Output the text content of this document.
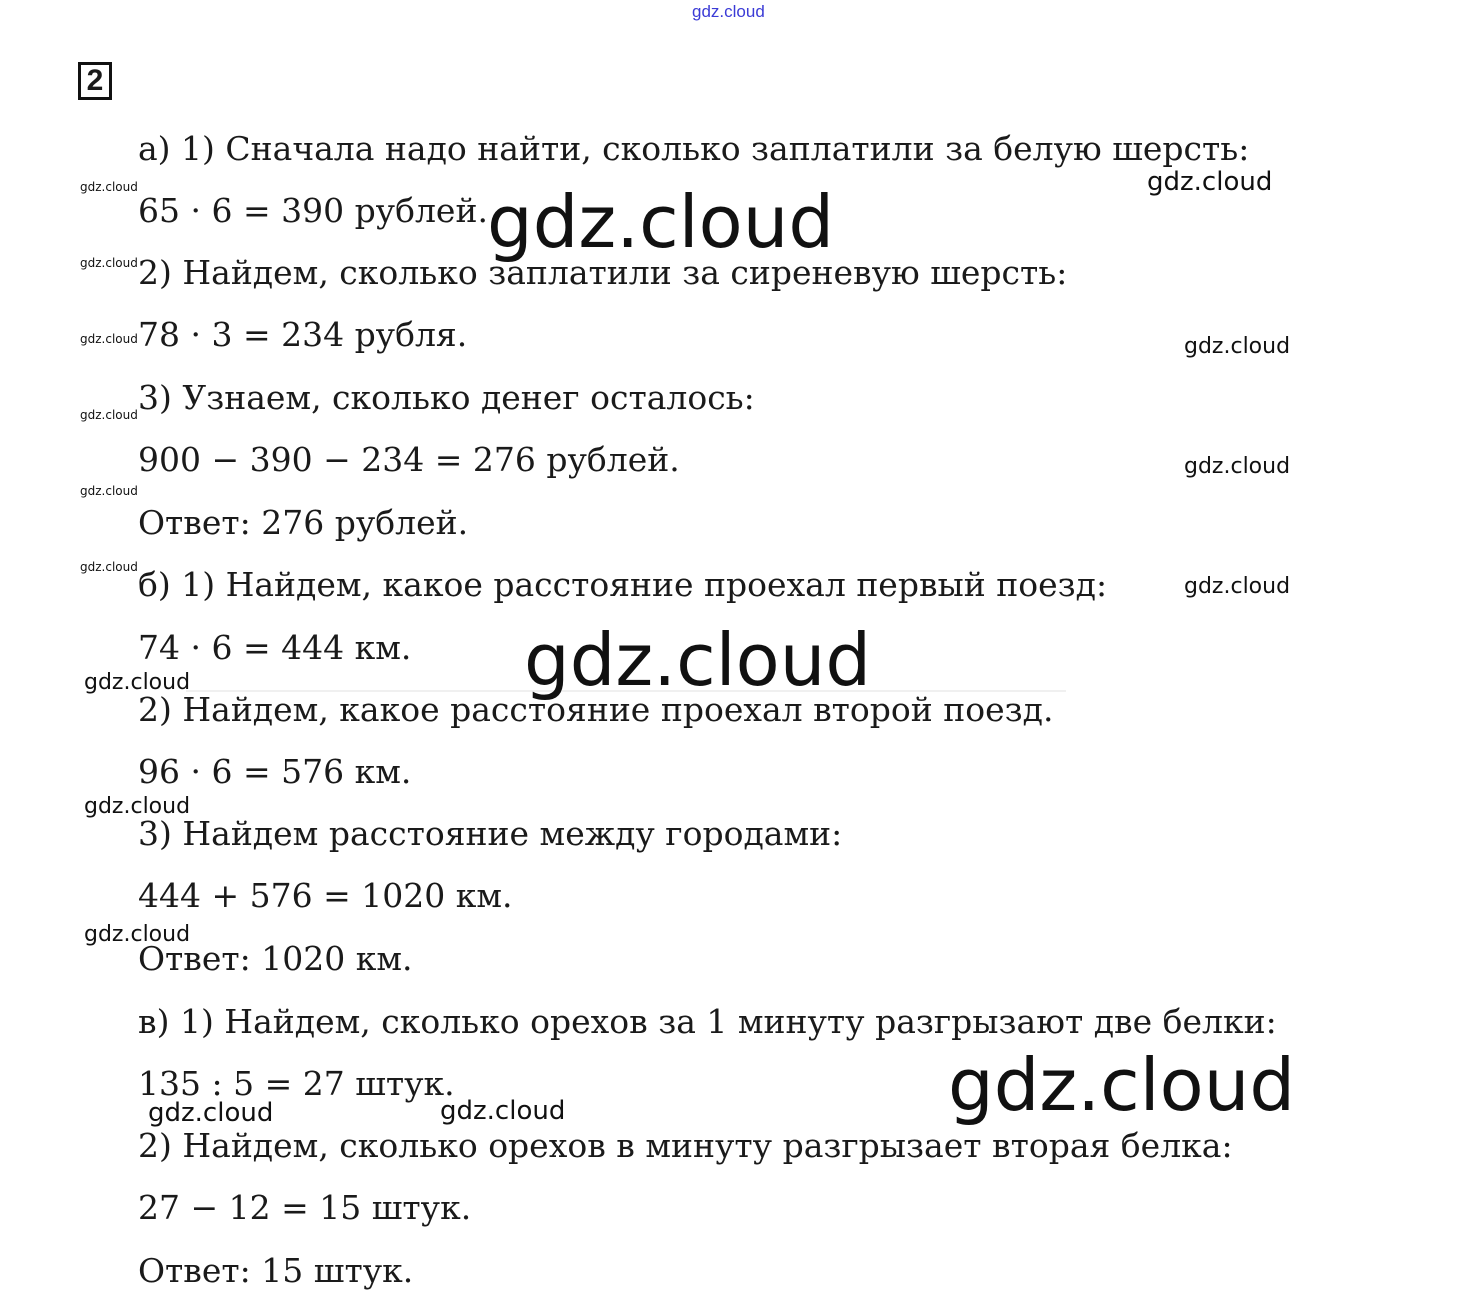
gdz.cloud
2
а) 1) Сначала надо найти, сколько заплатили за белую шерсть:
65 · 6 = 390 рублей.
2) Найдем, сколько заплатили за сиреневую шерсть:
78 · 3 = 234 рубля.
3) Узнаем, сколько денег осталось:
900 − 390 − 234 = 276 рублей.
Ответ: 276 рублей.
б) 1) Найдем, какое расстояние проехал первый поезд:
74 · 6 = 444 км.
2) Найдем, какое расстояние проехал второй поезд.
96 · 6 = 576 км.
3) Найдем расстояние между городами:
444 + 576 = 1020 км.
Ответ: 1020 км.
в) 1) Найдем, сколько орехов за 1 минуту разгрызают две белки:
135 : 5 = 27 штук.
2) Найдем, сколько орехов в минуту разгрызает вторая белка:
27 − 12 = 15 штук.
Ответ: 15 штук.
gdz.cloud
gdz.cloud
gdz.cloud
gdz.cloud
gdz.cloud
gdz.cloud
gdz.cloud
gdz.cloud
gdz.cloud
gdz.cloud
gdz.cloud
gdz.cloud
gdz.cloud
gdz.cloud	gdz.cloud
gdz.cloud
gdz.cloud
gdz.cloud
